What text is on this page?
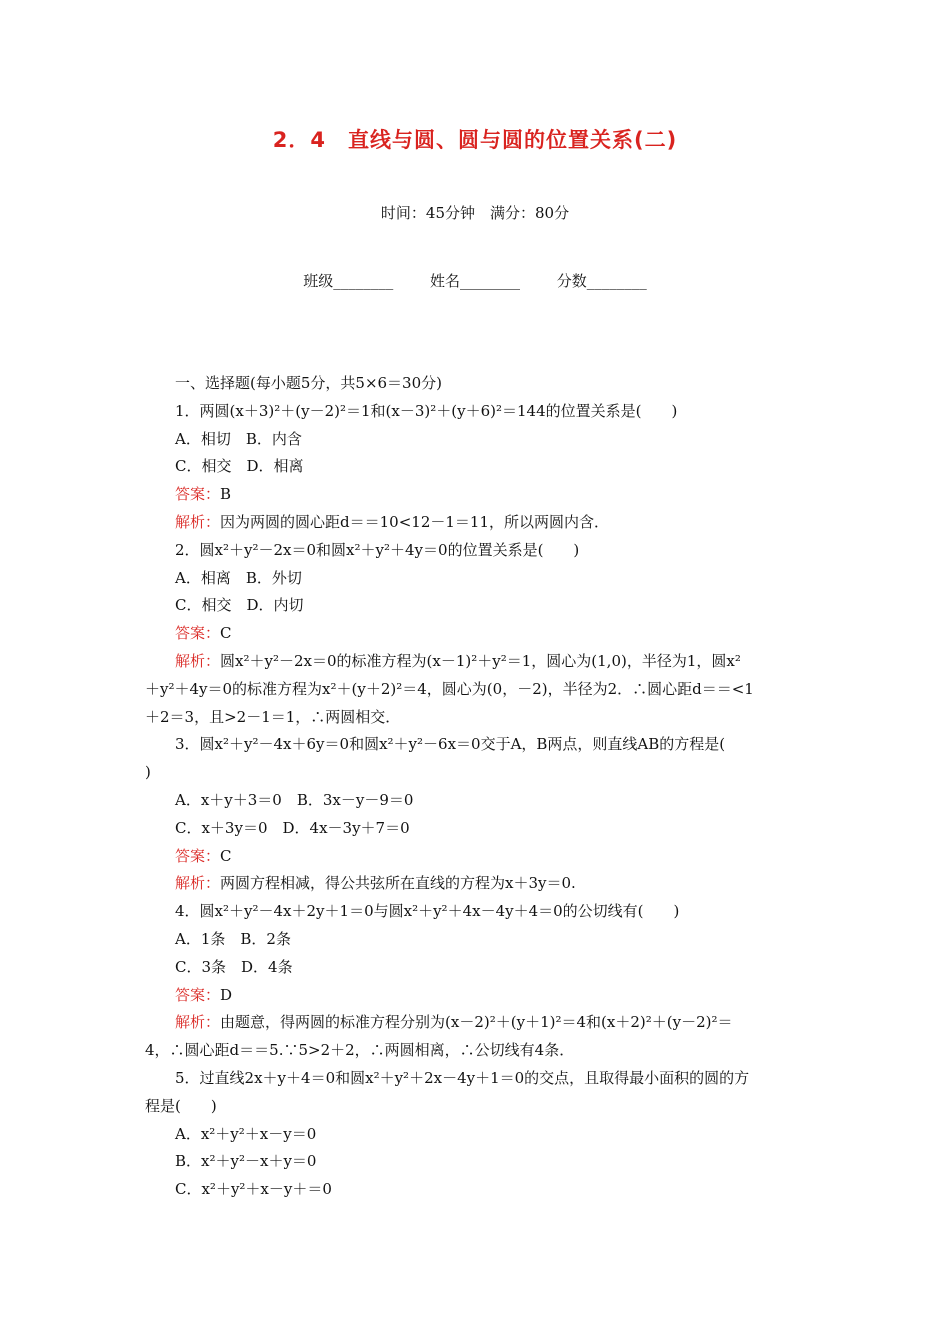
2．4　直线与圆、圆与圆的位置关系(二)
时间：45分钟　满分：80分
班级________ 姓名________ 分数________
一、选择题(每小题5分，共5×6＝30分)
1．两圆(x＋3)²＋(y－2)²＝1和(x－3)²＋(y＋6)²＝144的位置关系是(　　)
A．相切　B．内含
C．相交　D．相离
答案：B
解析：因为两圆的圆心距d＝＝10<12－1＝11，所以两圆内含．
2．圆x²＋y²－2x＝0和圆x²＋y²＋4y＝0的位置关系是(　　)
A．相离　B．外切
C．相交　D．内切
答案：C
解析：圆x²＋y²－2x＝0的标准方程为(x－1)²＋y²＝1，圆心为(1,0)，半径为1，圆x²
＋y²＋4y＝0的标准方程为x²＋(y＋2)²＝4，圆心为(0，－2)，半径为2．∴圆心距d＝＝<1
＋2＝3，且>2－1＝1，∴两圆相交．
3．圆x²＋y²－4x＋6y＝0和圆x²＋y²－6x＝0交于A，B两点，则直线AB的方程是(
)
A．x＋y＋3＝0　B．3x－y－9＝0
C．x＋3y＝0　D．4x－3y＋7＝0
答案：C
解析：两圆方程相减，得公共弦所在直线的方程为x＋3y＝0.
4．圆x²＋y²－4x＋2y＋1＝0与圆x²＋y²＋4x－4y＋4＝0的公切线有(　　)
A．1条　B．2条
C．3条　D．4条
答案：D
解析：由题意，得两圆的标准方程分别为(x－2)²＋(y＋1)²＝4和(x＋2)²＋(y－2)²＝
4，∴圆心距d＝＝5.∵5>2＋2，∴两圆相离，∴公切线有4条．
5．过直线2x＋y＋4＝0和圆x²＋y²＋2x－4y＋1＝0的交点，且取得最小面积的圆的方
程是(　　)
A．x²＋y²＋x－y＝0
B．x²＋y²－x＋y＝0
C．x²＋y²＋x－y＋＝0
